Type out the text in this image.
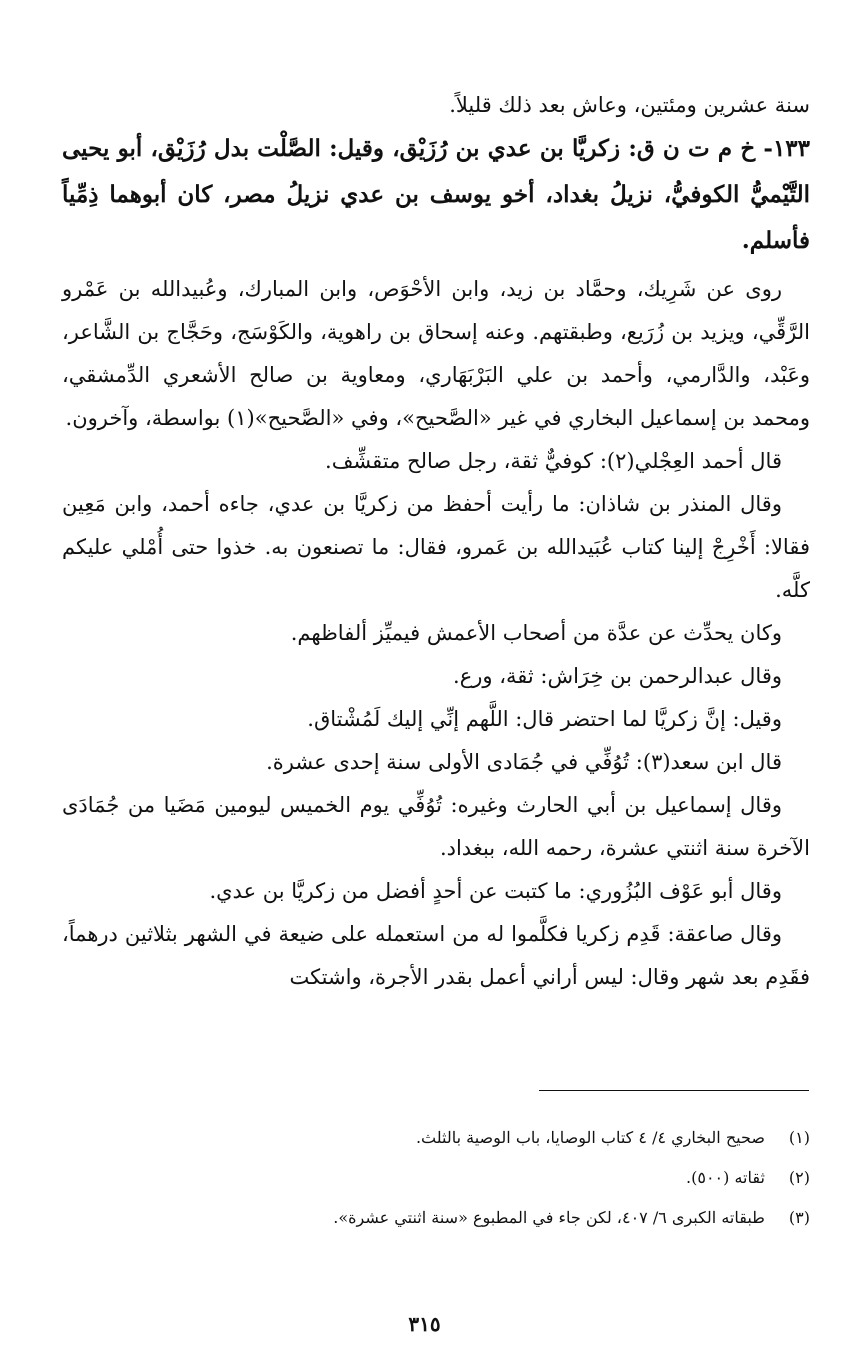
سنة عشرين ومئتين، وعاش بعد ذلك قليلاً.

١٣٣- خ م ت ن ق: زكريَّا بن عدي بن رُزَيْق، وقيل: الصَّلْت بدل رُزَيْق، أبو يحيى التَّيْميُّ الكوفيُّ، نزيلُ بغداد، أخو يوسف بن عدي نزيلُ مصر، كان أبوهما ذِمِّياً فأسلم.

روى عن شَرِيك، وحمَّاد بن زيد، وابن الأحْوَص، وابن المبارك، وعُبيدالله بن عَمْرو الرَّقِّي، ويزيد بن زُرَيع، وطبقتهم. وعنه إسحاق بن راهوية، والكَوْسَج، وحَجَّاج بن الشَّاعر، وعَبْد، والدَّارمي، وأحمد بن علي البَرْبَهَاري، ومعاوية بن صالح الأشعري الدِّمشقي، ومحمد بن إسماعيل البخاري في غير «الصَّحيح»، وفي «الصَّحيح»(١) بواسطة، وآخرون.

قال أحمد العِجْلي(٢): كوفيٌّ ثقة، رجل صالح متقشِّف.

وقال المنذر بن شاذان: ما رأيت أحفظ من زكريَّا بن عدي، جاءه أحمد، وابن مَعِين فقالا: أَخْرِجْ إلينا كتاب عُبَيدالله بن عَمرو، فقال: ما تصنعون به. خذوا حتى أُمْلي عليكم كلَّه.

وكان يحدِّث عن عدَّة من أصحاب الأعمش فيميِّز ألفاظهم.

وقال عبدالرحمن بن خِرَاش: ثقة، ورع.

وقيل: إنَّ زكريَّا لما احتضر قال: اللَّهم إنِّي إليك لَمُشْتاق.

قال ابن سعد(٣): تُوُفِّي في جُمَادى الأولى سنة إحدى عشرة.

وقال إسماعيل بن أبي الحارث وغيره: تُوُفِّي يوم الخميس ليومين مَضَيا من جُمَادَى الآخرة سنة اثنتي عشرة، رحمه الله، ببغداد.

وقال أبو عَوْف البُزُوري: ما كتبت عن أحدٍ أفضل من زكريَّا بن عدي.

وقال صاعقة: قَدِم زكريا فكلَّموا له من استعمله على ضيعة في الشهر بثلاثين درهماً، فقَدِم بعد شهر وقال: ليس أراني أعمل بقدر الأجرة، واشتكت

(١) صحيح البخاري ٤/ ٤ كتاب الوصايا، باب الوصية بالثلث.

(٢) ثقاته (٥٠٠).

(٣) طبقاته الكبرى ٦/ ٤٠٧، لكن جاء في المطبوع «سنة اثنتي عشرة».

٣١٥
